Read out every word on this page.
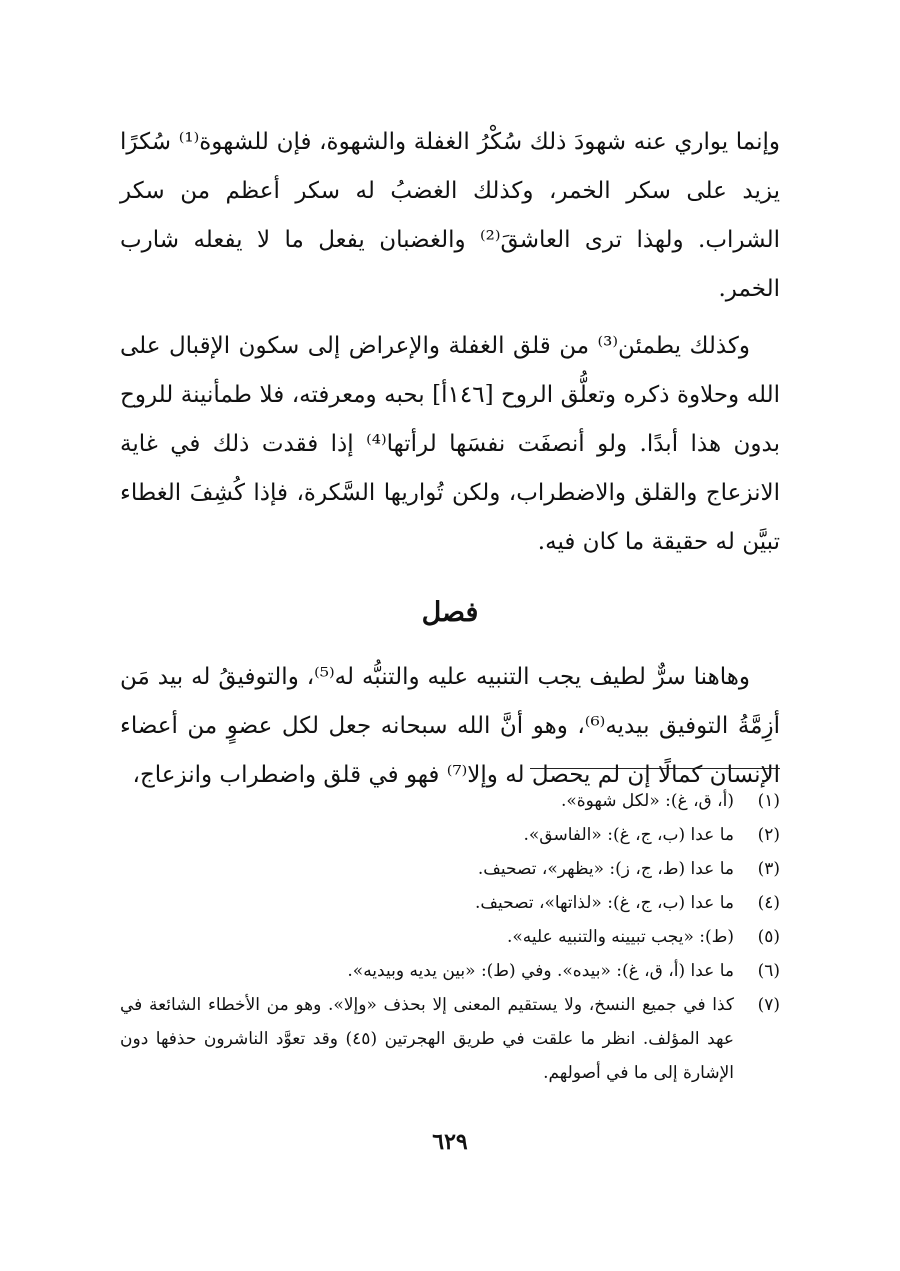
وإنما يواري عنه شهودَ ذلك سُكْرُ الغفلة والشهوة، فإن للشهوة⁽¹⁾ سُكرًا يزيد على سكر الخمر، وكذلك الغضبُ له سكر أعظم من سكر الشراب. ولهذا ترى العاشقَ⁽²⁾ والغضبان يفعل ما لا يفعله شارب الخمر.

وكذلك يطمئن⁽³⁾ من قلق الغفلة والإعراض إلى سكون الإقبال على الله وحلاوة ذكره وتعلُّق الروح [١٤٦أ] بحبه ومعرفته، فلا طمأنينة للروح بدون هذا أبدًا. ولو أنصفَت نفسَها لرأتها⁽⁴⁾ إذا فقدت ذلك في غاية الانزعاج والقلق والاضطراب، ولكن تُواريها السَّكرة، فإذا كُشِفَ الغطاء تبيَّن له حقيقة ما كان فيه.

فصل

وهاهنا سرٌّ لطيف يجب التنبيه عليه والتنبُّه له⁽⁵⁾، والتوفيقُ له بيد مَن أزِمَّةُ التوفيق بيديه⁽⁶⁾، وهو أنَّ الله سبحانه جعل لكل عضوٍ من أعضاء الإنسان كمالًا إن لم يحصل له وإلا⁽⁷⁾ فهو في قلق واضطراب وانزعاج،

(١)
(أ، ق، غ): «لكل شهوة».
(٢)
ما عدا (ب، ج، غ): «الفاسق».
(٣)
ما عدا (ط، ج، ز): «يظهر»، تصحيف.
(٤)
ما عدا (ب، ج، غ): «لذاتها»، تصحيف.
(٥)
(ط): «يجب تبيينه والتنبيه عليه».
(٦)
ما عدا (أ، ق، غ): «بيده». وفي (ط): «بين يديه وبيديه».
(٧)
كذا في جميع النسخ، ولا يستقيم المعنى إلا بحذف «وإلا». وهو من الأخطاء الشائعة في عهد المؤلف. انظر ما علقت في طريق الهجرتين (٤٥) وقد تعوَّد الناشرون حذفها دون الإشارة إلى ما في أصولهم.
٦٢٩
